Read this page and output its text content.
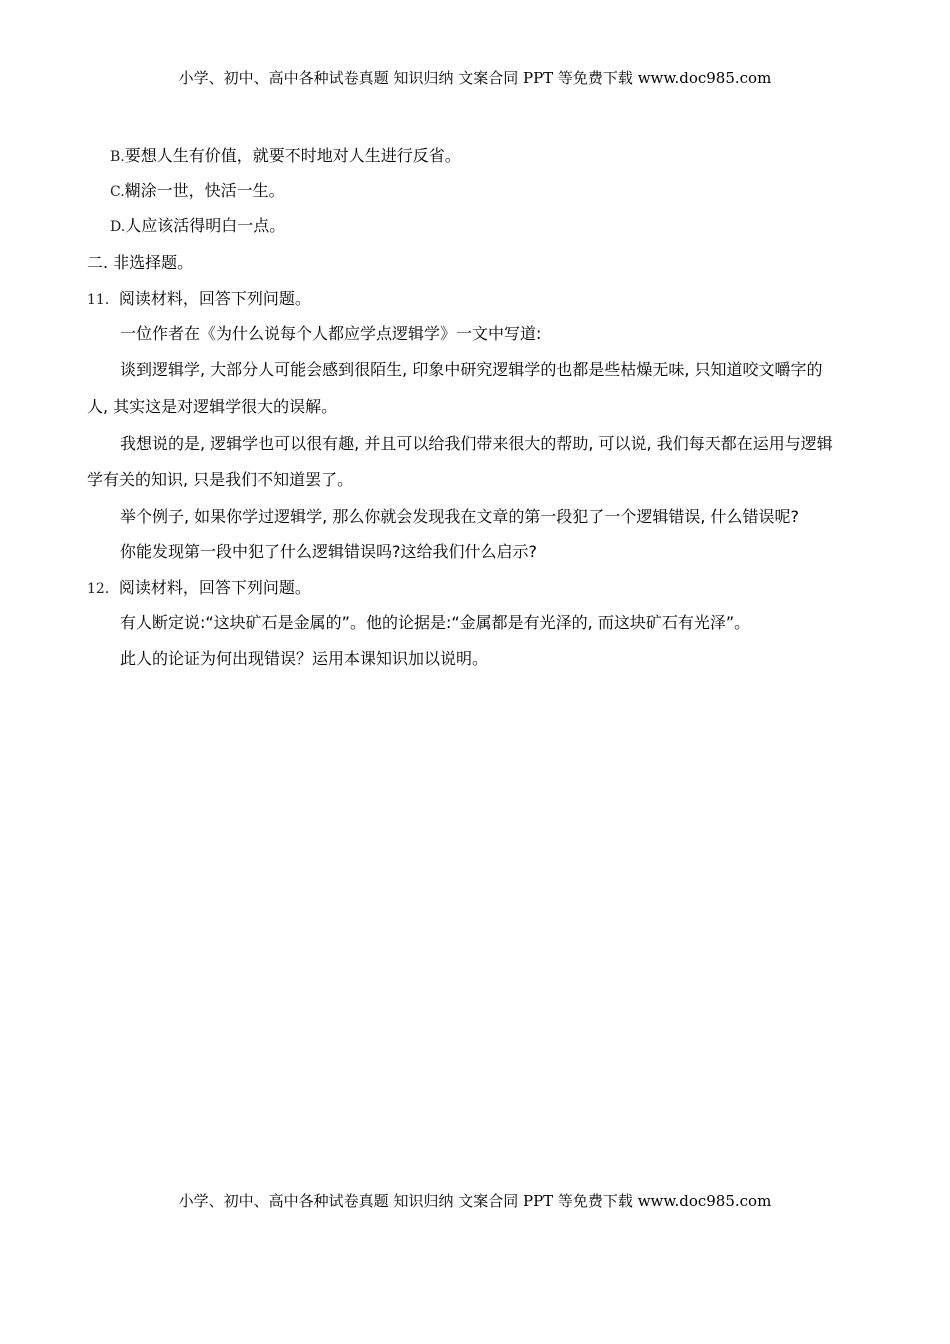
小学、初中、高中各种试卷真题 知识归纳 文案合同 PPT 等免费下载 www.doc985.com
B.要想人生有价值，就要不时地对人生进行反省。
C.糊涂一世，快活一生。
D.人应该活得明白一点。
二. 非选择题。
11．阅读材料，回答下列问题。
一位作者在《为什么说每个人都应学点逻辑学》一文中写道:
谈到逻辑学, 大部分人可能会感到很陌生, 印象中研究逻辑学的也都是些枯燥无味, 只知道咬文嚼字的
人, 其实这是对逻辑学很大的误解。
我想说的是, 逻辑学也可以很有趣, 并且可以给我们带来很大的帮助, 可以说, 我们每天都在运用与逻辑
学有关的知识, 只是我们不知道罢了。
举个例子, 如果你学过逻辑学, 那么你就会发现我在文章的第一段犯了一个逻辑错误, 什么错误呢?
你能发现第一段中犯了什么逻辑错误吗?这给我们什么启示?
12．阅读材料，回答下列问题。
有人断定说:“这块矿石是金属的”。他的论据是:“金属都是有光泽的, 而这块矿石有光泽”。
此人的论证为何出现错误？运用本课知识加以说明。
小学、初中、高中各种试卷真题 知识归纳 文案合同 PPT 等免费下载 www.doc985.com
